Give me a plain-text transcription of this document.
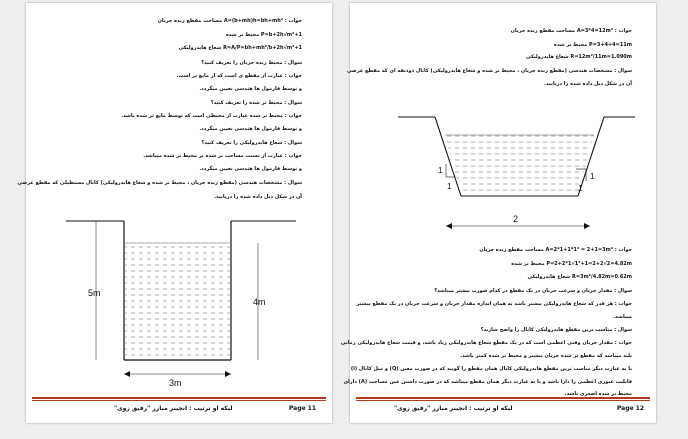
جواب : A=(b+mh)h=bh+mh² مساحت مقطع زنده جريان
P=b+2h√m²+1 محيط تر شده
R=A/P=bh+mh²/b+2h√m²+1 شعاع هايدروليكي
سوال : محيط زنده جريان را تعريف كنيد؟
جواب : عبارت از مقطع ى است كه از مايع پر است.
و توسط فارمول ها هندسى تعيين ميگردد.
سوال : محيط تر شده را تعريف كنيد؟
جواب : محيط تر شده عبارت از محيطى است كه توسط مايع تر شده باشد.
و توسط فارمول ها هندسى تعيين ميگردد.
سوال : شعاع هايدروليكى را تعريف كنيد؟
جواب : عبارت از نسبت مساحت تر شده بر محيط تر شده ميباشد.
و توسط فارمول ها هندسى تعيين ميگردد.
سوال : مشخصات هندسى (مقطع زنده جريان ، محيط تر شده و شعاع هايدروليكى) كانال مستطيلى كه مقطع عرضى
آن در شكل ذيل داده شده را دريابيد.
5m
4m
3m
لیکه او ترتیب : انجینر مبارز "رفیق زوی"	Page 11
جواب : A=3*4=12m² مساحت مقطع زنده جريان
P=3+4+4=11m محيط تر شده
R=12m²/11m=1.090m شعاع هايدروليكي
سوال : مشخصات هندسى (مقطع زنده جريان ، محيط تر شده و شعاع هايدروليكى) كانال ذوذنقه اى كه مقطع عرضى
آن در شكل ذيل داده شده را دريابيد.
1
1
1
1
2
جواب : A=2*1+1*1² = 2+1=3m² مساحت مقطع زنده جريان
P=2+2*1√1²+1=2+2√2=4.82m محيط تر شده
R=3m²/4.82m=0.62m شعاع هايدروليكي
سوال : مقدار جريان و سرعت جريان در يک مقطع در کدام صورت بيشتر ميباشد؟
جواب : هر قدر كه شعاع هايدروليكى بيشتر باشد به همان اندازه مقدار جريان و سرعت جريان در يک مقطع بيشتر
ميباشد.
سوال : مناسب ترين مقطع هايدروليكى كانال را واضح سازيد؟
جواب : مقدار جريان وقتى اعظمى است كه در يک مقطع شعاع هايدروليكى زياد باشد، و قيمت شعاع هايدروليكى زمانى
بلند ميباشد كه مقطع تر شده جريان بيشتر و محيط تر شده كمتر باشد.
يا به عبارت ديگر مناسب ترين مقطع هايدروليكى كانال همان مقطع را گويند كه در صورت معين (Q) و ميل كانال (i)
قابليت عبورى اعظمى را دارا باشد و يا به عبارت ديگر همان مقطع ميباشد كه در صورت داشتن عين مساحت (A) داراى
محيط تر شده اصغرى باشد.
لیکه او ترتیب : انجینر مبارز "رفیق زوی"	Page 12
